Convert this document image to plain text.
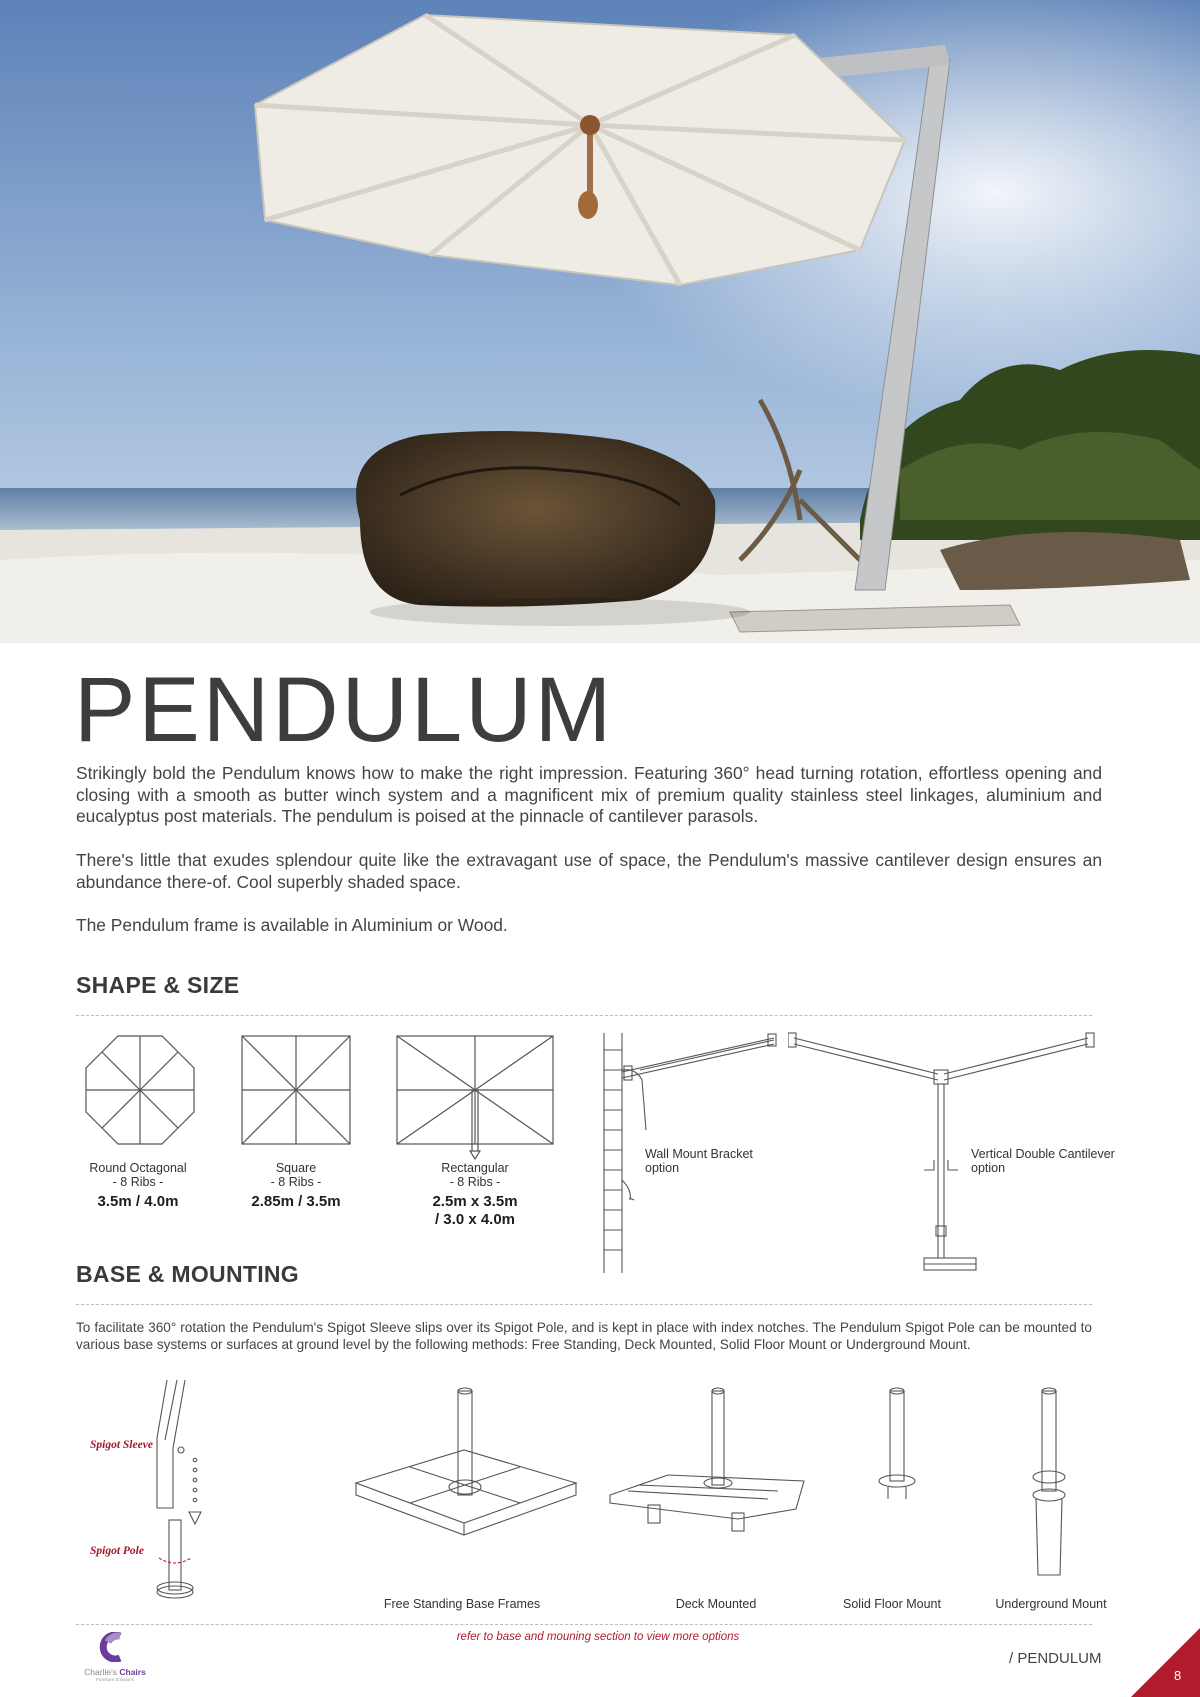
PENDULUM

Strikingly bold the Pendulum knows how to make the right impression. Featuring 360° head turning rotation, effortless opening and closing with a smooth as butter winch system and a magnificent mix of premium quality stainless steel linkages, aluminium and eucalyptus post materials. The pendulum is poised at the pinnacle of cantilever parasols.

There's little that exudes splendour quite like the extravagant use of space, the Pendulum's massive cantilever design ensures an abundance there-of. Cool superbly shaded space.

The Pendulum frame is available in Aluminium or Wood.

SHAPE & SIZE
Round Octagonal
- 8 Ribs -
3.5m / 4.0m
Square
- 8 Ribs -
2.85m / 3.5m
Rectangular
- 8 Ribs -
2.5m x 3.5m
/ 3.0 x 4.0m
Wall Mount Bracket
option
Vertical Double Cantilever
option
BASE & MOUNTING

To facilitate 360° rotation the Pendulum's Spigot Sleeve slips over its Spigot Pole, and is kept in place with index notches. The Pendulum Spigot Pole can be mounted to various base systems or surfaces at ground level by the following methods: Free Standing, Deck Mounted, Solid Floor Mount or Underground Mount.

Spigot Sleeve
Spigot Pole
Free Standing Base Frames	Deck Mounted	Solid Floor Mount	Underground Mount
refer to base and mouning section to view more options
Charlie's Chairs
Furniture Solutions
/ PENDULUM
8
